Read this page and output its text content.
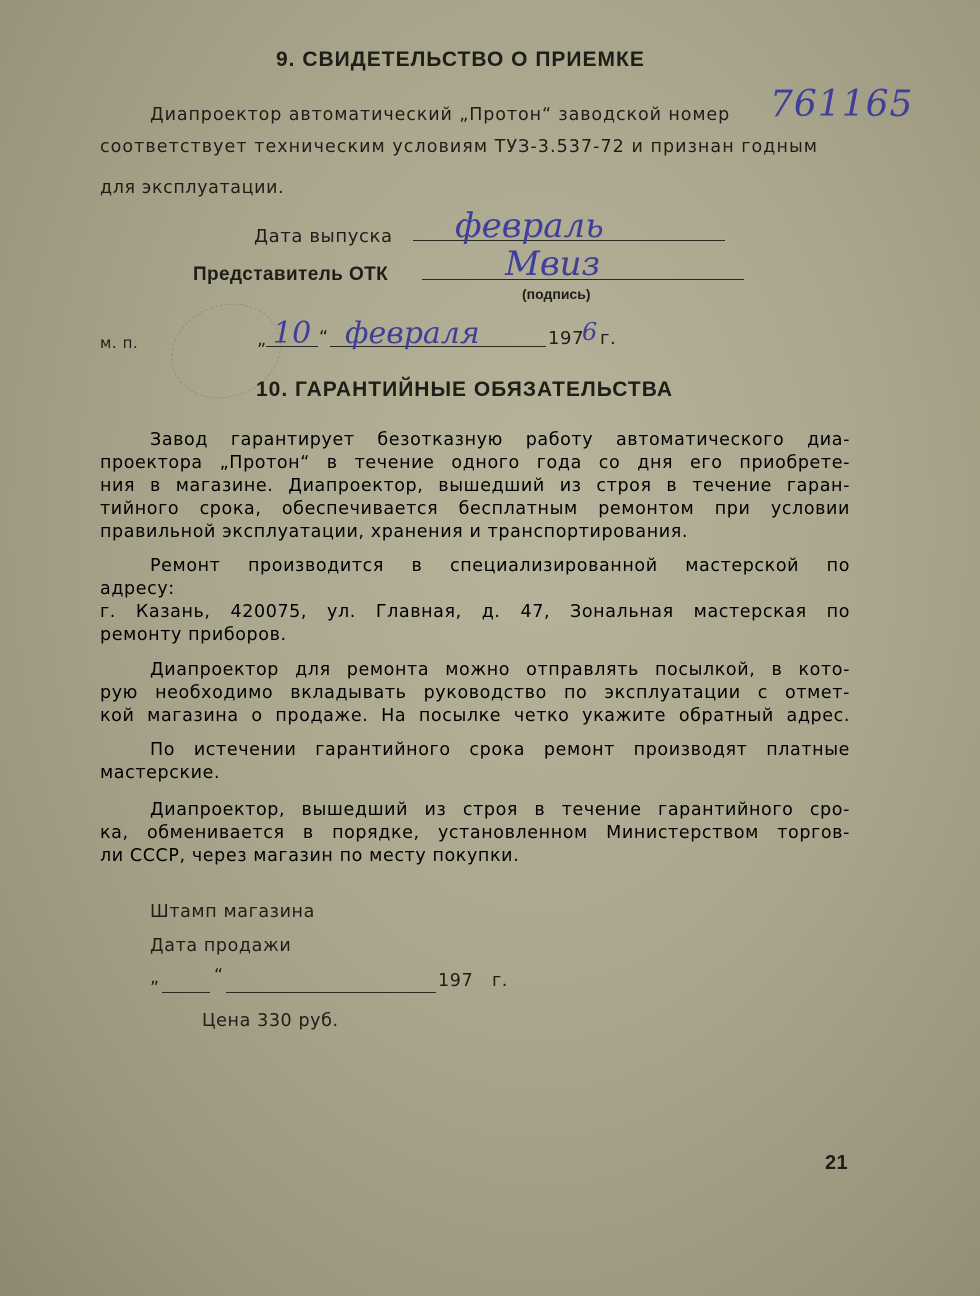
9. СВИДЕТЕЛЬСТВО О ПРИЕМКЕ
Диапроектор автоматический „Протон“ заводской номер 761165
соответствует техническим условиям ТУЗ-3.537-72 и признан годным
для эксплуатации.
Дата выпуска февраль
Представитель ОТК	Мвиз
(подпись)
м. п.	„ 10 “ февраля	197
6 г.
10. ГАРАНТИЙНЫЕ ОБЯЗАТЕЛЬСТВА
Завод гарантирует безотказную работу автоматического диа-
проектора „Протон“ в течение одного года со дня его приобрете-
ния в магазине. Диапроектор, вышедший из строя в течение гаран-
тийного срока, обеспечивается бесплатным ремонтом при условии
правильной эксплуатации, хранения и транспортирования.
Ремонт производится в специализированной мастерской по
адресу:
г. Казань, 420075, ул. Главная, д. 47, Зональная мастерская по
ремонту приборов.
Диапроектор для ремонта можно отправлять посылкой, в кото-
рую необходимо вкладывать руководство по эксплуатации с отмет-
кой магазина о продаже. На посылке четко укажите обратный адрес.
По истечении гарантийного срока ремонт производят платные
мастерские.
Диапроектор, вышедший из строя в течение гарантийного сро-
ка, обменивается в порядке, установленном Министерством торгов-
ли СССР, через магазин по месту покупки.
Штамп магазина
Дата продажи
„	“	197 г.
Цена 330 руб.
21
